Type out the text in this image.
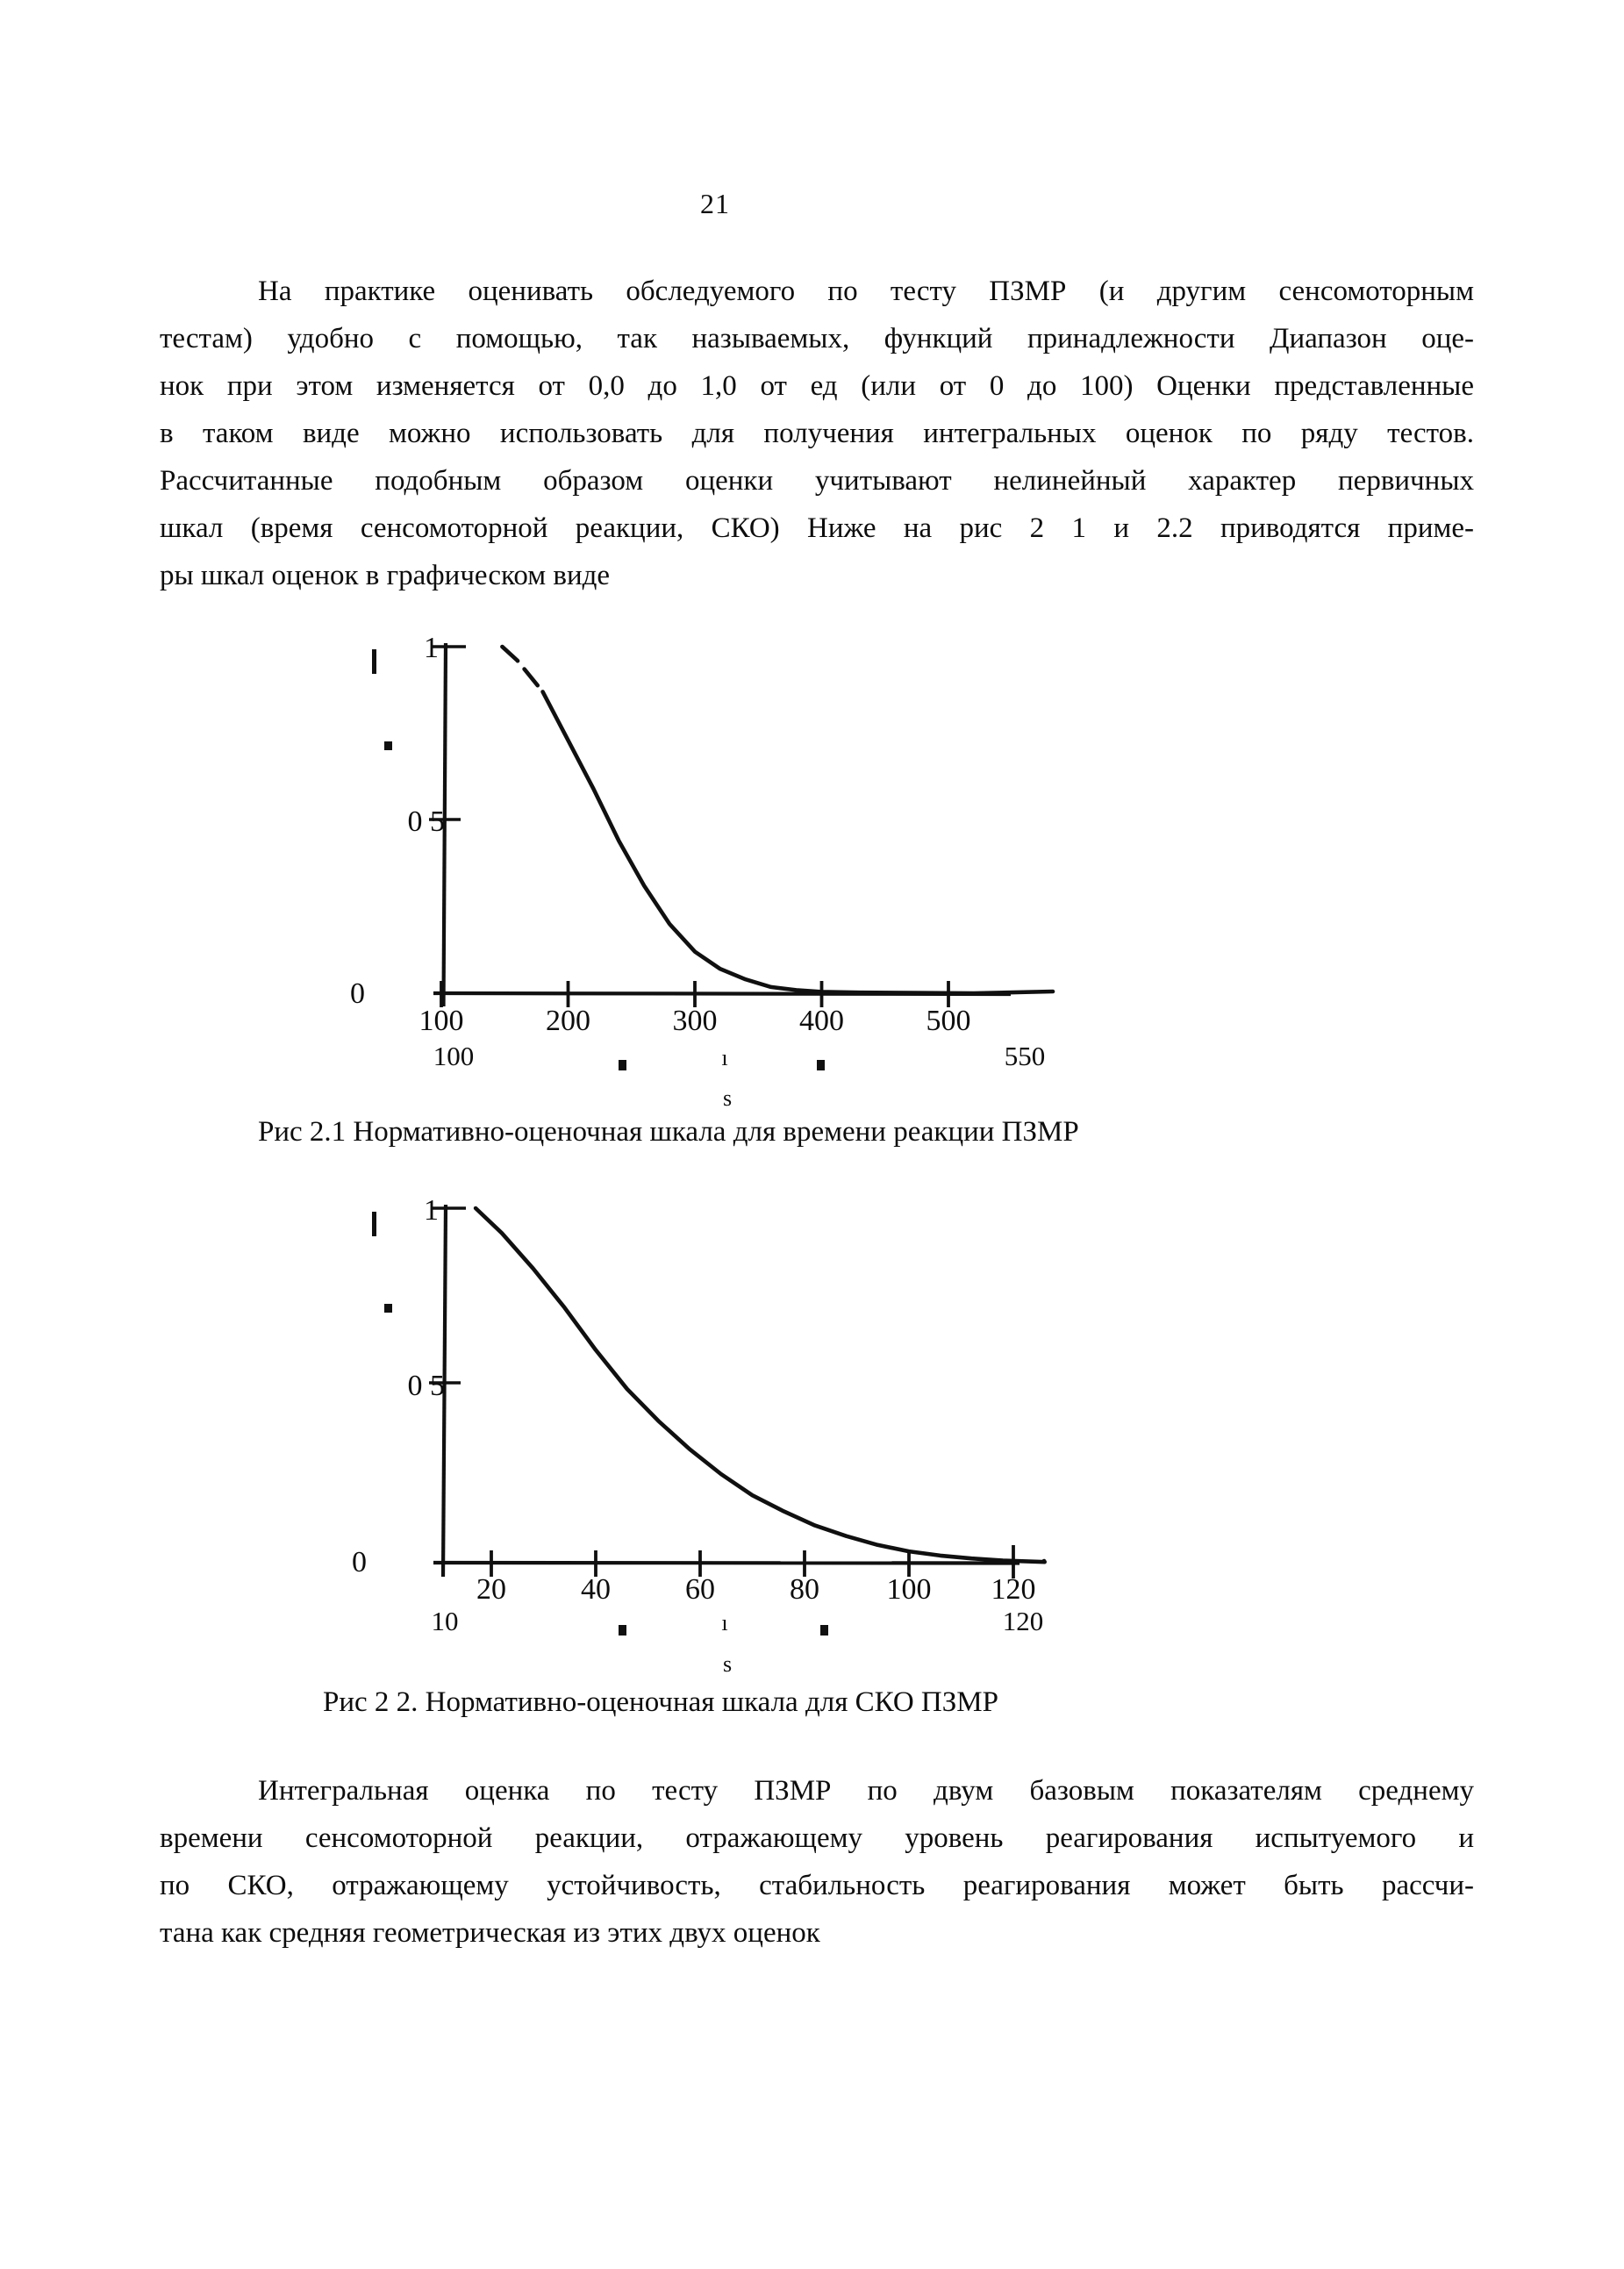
21
На практике оценивать обследуемого по тесту ПЗМР (и другим сенсомоторным
тестам) удобно с помощью, так называемых, функций принадлежности Диапазон оце-
нок при этом изменяется от 0,0 до 1,0 от ед (или от 0 до 100) Оценки представленные
в таком виде можно использовать для получения интегральных оценок по ряду тестов.
Рассчитанные подобным образом оценки учитывают нелинейный характер первичных
шкал (время сенсомоторной реакции, СКО) Ниже на рис 2 1 и 2.2 приводятся приме-
ры шкал оценок в графическом виде
100	200	300	400	500
1
0 5
0
100	ı	550
s
20	40	60	80 100 120
1
0 5
0
10	ı	120
s
Рис 2.1 Нормативно-оценочная шкала для времени реакции ПЗМР
Рис 2 2. Нормативно-оценочная шкала для СКО ПЗМР
Интегральная оценка по тесту ПЗМР по двум базовым показателям среднему
времени сенсомоторной реакции, отражающему уровень реагирования испытуемого и
по СКО, отражающему устойчивость, стабильность реагирования может быть рассчи-
тана как средняя геометрическая из этих двух оценок
